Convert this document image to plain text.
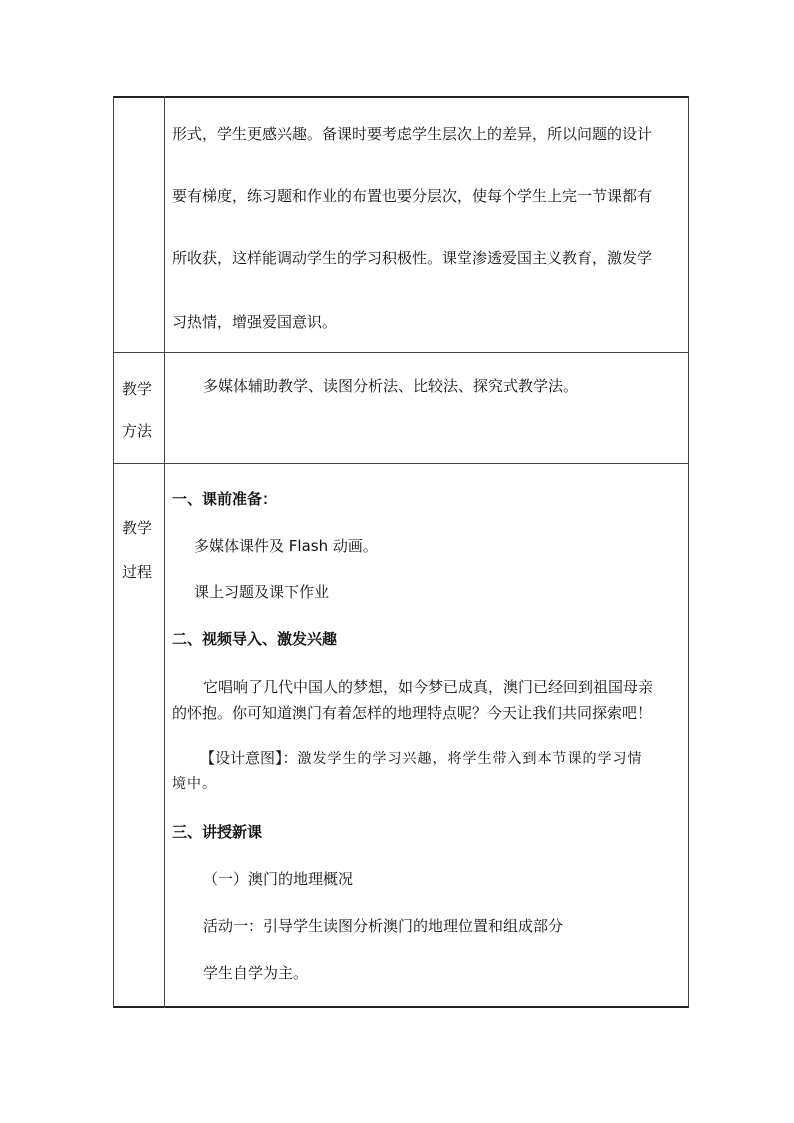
形式，学生更感兴趣。备课时要考虑学生层次上的差异，所以问题的设计
要有梯度，练习题和作业的布置也要分层次，使每个学生上完一节课都有
所收获，这样能调动学生的学习积极性。课堂渗透爱国主义教育，激发学
习热情，增强爱国意识。
教学
方法
多媒体辅助教学、读图分析法、比较法、探究式教学法。
教学
过程
一、课前准备：
多媒体课件及 Flash 动画。
课上习题及课下作业
二、视频导入、激发兴趣
它唱响了几代中国人的梦想，如今梦已成真，澳门已经回到祖国母亲
的怀抱。你可知道澳门有着怎样的地理特点呢？今天让我们共同探索吧！
【设计意图】：激发学生的学习兴趣，将学生带入到本节课的学习情
境中。
三、讲授新课
（一）澳门的地理概况
活动一：引导学生读图分析澳门的地理位置和组成部分
学生自学为主。
